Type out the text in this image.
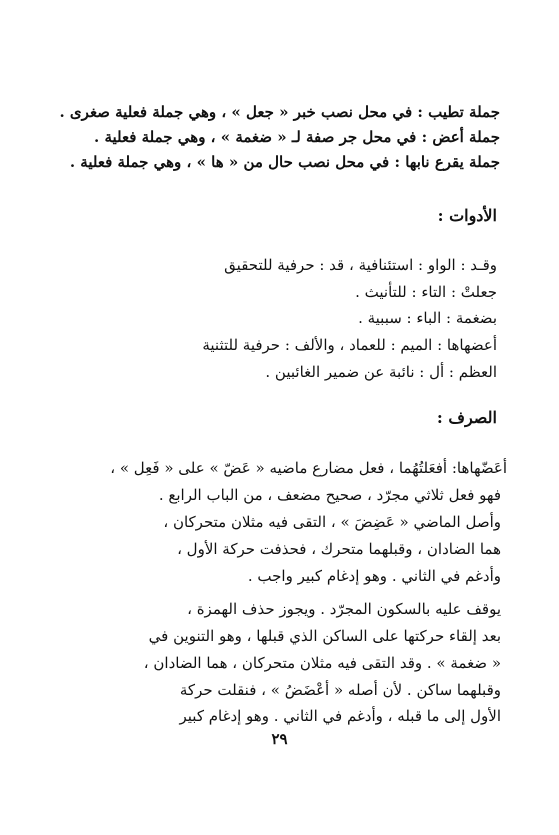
جملة تطيب : في محل نصب خبر « جعل » ، وهي جملة فعلية صغرى .
جملة أعض : في محل جر صفة لـ « ضغمة » ، وهي جملة فعلية .
جملة يقرع نابها : في محل نصب حال من « ها » ، وهي جملة فعلية .
الأدوات :
وقـد : الواو : استئنافية ، قد : حرفية للتحقيق
جعلتْ : التاء : للتأنيث .
بضغمة : الباء : سببية .
أعضهاها : الميم : للعماد ، والألف : حرفية للتثنية
العظم : أل : نائبة عن ضمير الغائبين .
الصرف :
أعَضّهاها: أفعَلتُهُما ، فعل مضارع ماضيه « عَضّ » على « فَعِل » ،
فهو فعل ثلاثي مجرّد ، صحيح مضعف ، من الباب الرابع .
وأصل الماضي « عَضِضَ » ، التقى فيه مثلان متحركان ،
هما الضادان ، وقبلهما متحرك ، فحذفت حركة الأول ،
وأدغم في الثاني . وهو إدغام كبير واجب .
يوقف عليه بالسكون المجرّد . ويجوز حذف الهمزة ،
بعد إلقاء حركتها على الساكن الذي قبلها ، وهو التنوين في
« ضغمة » . وقد التقى فيه مثلان متحركان ، هما الضادان ،
وقبلهما ساكن . لأن أصله « أعْضَضُ » ، فنقلت حركة
الأول إلى ما قبله ، وأدغم في الثاني . وهو إدغام كبير
٢٩
